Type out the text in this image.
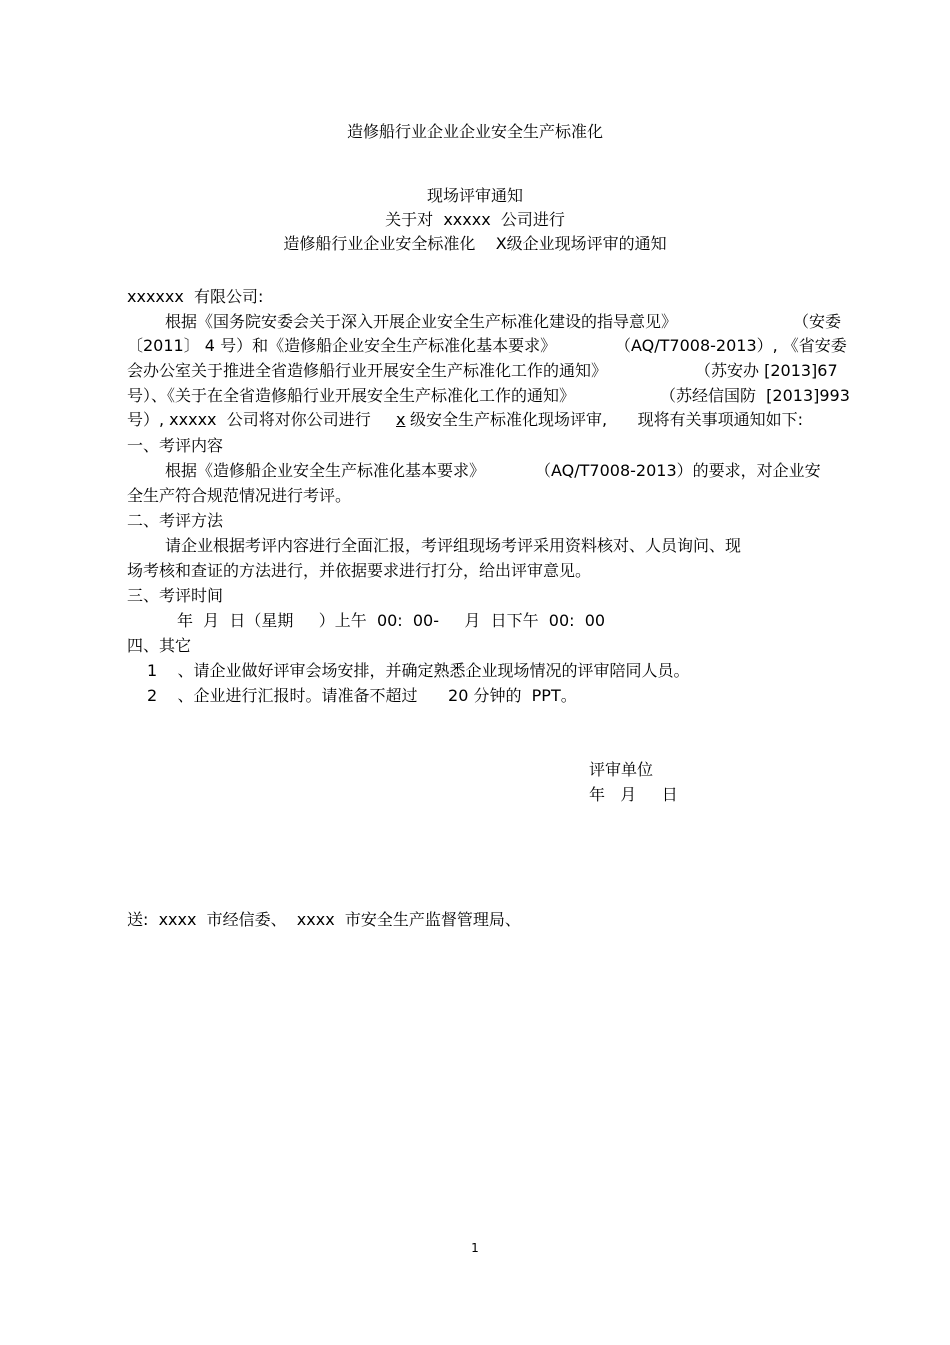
造修船行业企业企业安全生产标准化

现场评审通知

关于对  xxxxx  公司进行

造修船行业企业安全标准化    X级企业现场评审的通知

xxxxxx  有限公司:

根据《国务院安委会关于深入开展企业安全生产标准化建设的指导意见》	（安委

〔2011〕 4 号）和《造修船企业安全生产标准化基本要求》	（AQ/T7008-2013）, 《省安委

会办公室关于推进全省造修船行业开展安全生产标准化工作的通知》	（苏安办 [2013]67

号）、《关于在全省造修船行业开展安全生产标准化工作的通知》	（苏经信国防  [2013]993

号）, xxxxx  公司将对你公司进行 x 级安全生产标准化现场评审,      现将有关事项通知如下:

一、考评内容

根据《造修船企业安全生产标准化基本要求》	（AQ/T7008-2013）的要求，对企业安

全生产符合规范情况进行考评。

二、考评方法

请企业根据考评内容进行全面汇报，考评组现场考评采用资料核对、人员询问、现

场考核和查证的方法进行，并依据要求进行打分，给出评审意见。

三、考评时间

年  月  日（星期     ）上午  00:  00-     月  日下午  00:  00

四、其它

1    、请企业做好评审会场安排，并确定熟悉企业现场情况的评审陪同人员。

2    、企业进行汇报时。请准备不超过      20 分钟的  PPT。

评审单位

年   月     日

送:  xxxx  市经信委、  xxxx  市安全生产监督管理局、

1
